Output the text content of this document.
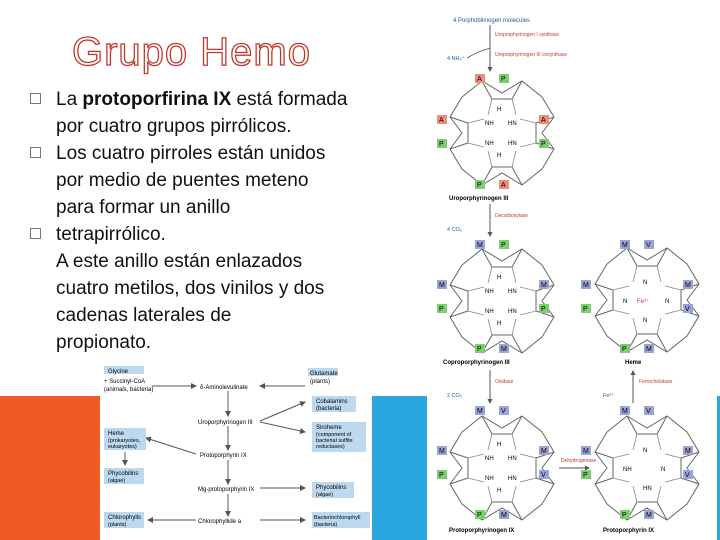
Grupo Hemo
La protoporfirina IX está formada
por cuatro grupos pirrólicos.
Los cuatro pirroles están unidos
por medio de puentes meteno
para formar un anillo
tetrapirrólico.
A este anillo están enlazados
cuatro metilos, dos vinilos y dos
cadenas laterales de
propionato.
Glycine
+ Succinyl-CoA
(animals, bacteria)
Glutamate
(plants)
δ-Aminolevulinate
Uroporphyrinogen III
Cobalamins
(bacteria)
Siroheme
(component of
bacterial sulfite
reductases)
Protoporphyrin IX
Heme
(prokaryotes,
eukaryotes)
Phycobilins
(algae)
Mg-protoporphyrin IX	Phycobilins
(algae)
Chlorophyllide a
Chlorophylls
(plants)
Bacteriochlorophyll
(bacteria)
4 Porphobilinogen molecules
Uroporphyrinogen I synthase
Uroporphyrinogen III cosynthase
4 NH₄⁺
H
NH HN
NH HN
H
A	P
A	A
P	P
P	A
Uroporphyrinogen III
Decarboxylase
4 CO₂
H
NH HN
NH HN
H
M	P
M	M
P	P
P	M
Coproporphyrinogen III
Oxidase
2 CO₂
H
NH HN
NH HN
H
M	V
M	M
P	V
P	M
Protoporphyrinogen IX
Dehydrogenase
N
N	N
N
Fe³⁺
M	V
M	M
P	V
P	M
Heme
Ferrochelatase
Fe²⁺
N
NH	N
HN
M	V
M	M
P	V
P	M
Protoporphyrin IX
